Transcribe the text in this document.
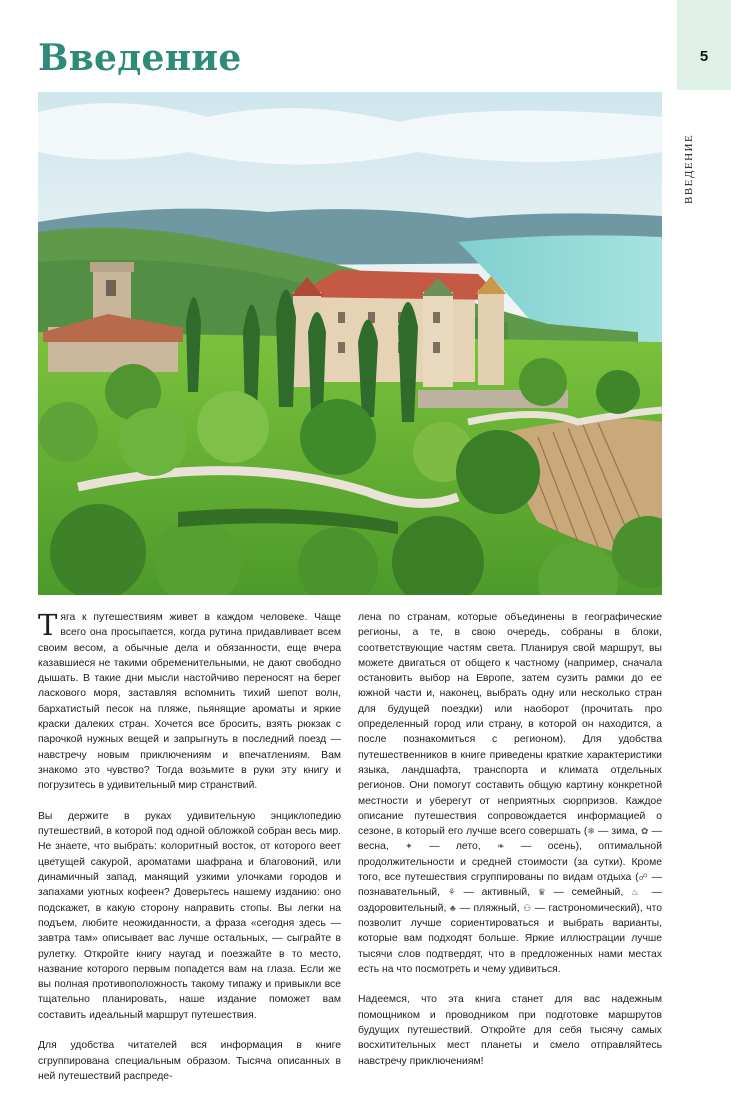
5
ВВЕДЕНИЕ
Введение

Тяга к путешествиям живет в каждом человеке. Чаще всего она просыпается, когда рутина придавливает всем своим весом, а обычные дела и обязанности, еще вчера казавшиеся не такими обременительными, не дают свободно дышать. В такие дни мысли настойчиво переносят на берег ласкового моря, заставляя вспомнить тихий шепот волн, бархатистый песок на пляже, пьянящие ароматы и яркие краски далеких стран. Хочется все бросить, взять рюкзак с парочкой нужных вещей и запрыгнуть в последний поезд — навстречу новым приключениям и впечатлениям. Вам знакомо это чувство? Тогда возьмите в руки эту книгу и погрузитесь в удивительный мир странствий.

Вы держите в руках удивительную энциклопедию путешествий, в которой под одной обложкой собран весь мир. Не знаете, что выбрать: колоритный восток, от которого веет цветущей сакурой, ароматами шафрана и благовоний, или динамичный запад, манящий узкими улочками городов и запахами уютных кофеен? Доверьтесь нашему изданию: оно подскажет, в какую сторону направить стопы. Вы легки на подъем, любите неожиданности, а фраза «сегодня здесь — завтра там» описывает вас лучше остальных, — сыграйте в рулетку. Откройте книгу наугад и поезжайте в то место, название которого первым попадется вам на глаза. Если же вы полная противоположность такому типажу и привыкли все тщательно планировать, наше издание поможет вам составить идеальный маршрут путешествия.

Для удобства читателей вся информация в книге сгруппирована специальным образом. Тысяча описанных в ней путешествий распреде-

лена по странам, которые объединены в географические регионы, а те, в свою очередь, собраны в блоки, соответствующие частям света. Планируя свой маршрут, вы можете двигаться от общего к частному (например, сначала остановить выбор на Европе, затем сузить рамки до ее южной части и, наконец, выбрать одну или несколько стран для будущей поездки) или наоборот (прочитать про определенный город или страну, в которой он находится, а после познакомиться с регионом). Для удобства путешественников в книге приведены краткие характеристики языка, ландшафта, транспорта и климата отдельных регионов. Они помогут составить общую картину конкретной местности и уберегут от неприятных сюрпризов. Каждое описание путешествия сопровождается информацией о сезоне, в который его лучше всего совершать (❄ — зима, ✿ — весна, ✦ — лето, ❧ — осень), оптимальной продолжительности и средней стоимости (за сутки). Кроме того, все путешествия сгруппированы по видам отдыха (☍ — познавательный, ⚘ — активный, ♛ — семейный, ♨ — оздоровительный, ♣ — пляжный, ⚇ — гастрономический), что позволит лучше сориентироваться и выбрать варианты, которые вам подходят больше. Яркие иллюстрации лучше тысячи слов подтвердят, что в предложенных нами местах есть на что посмотреть и чему удивиться.

Надеемся, что эта книга станет для вас надежным помощником и проводником при подготовке маршрутов будущих путешествий. Откройте для себя тысячу самых восхитительных мест планеты и смело отправляйтесь навстречу приключениям!
